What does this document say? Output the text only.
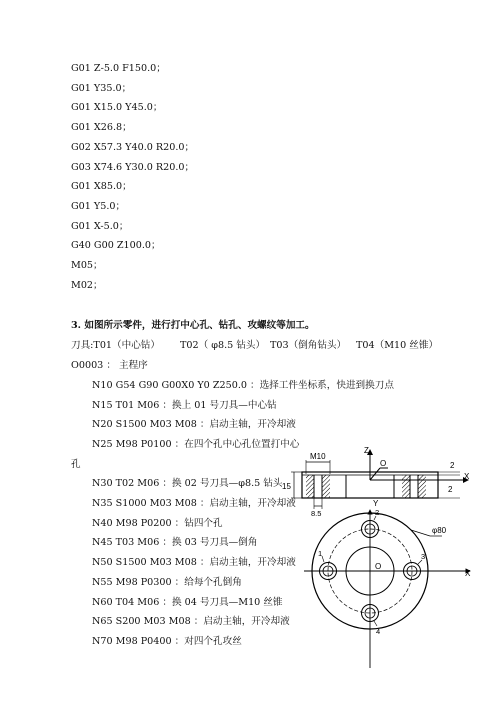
G01 Z-5.0 F150.0；
G01 Y35.0；
G01 X15.0 Y45.0；
G01 X26.8；
G02 X57.3 Y40.0 R20.0；
G03 X74.6 Y30.0 R20.0；
G01 X85.0；
G01 Y5.0；
G01 X-5.0；
G40 G00 Z100.0；
M05；
M02；
3. 如图所示零件，进行打中心孔、钻孔、攻螺纹等加工。
刀具:T01（中心钻） T02（ φ8.5 钻头） T03（倒角钻头） T04（M10 丝锥）
O0003 ： 主程序
N10 G54 G90 G00X0 Y0 Z250.0 ：选择工件坐标系，快进到换刀点
N15 T01 M06 ：换上 01 号刀具—中心钻
N20 S1500 M03 M08 ：启动主轴，开冷却液
N25 M98 P0100 ：在四个孔中心孔位置打中心
孔
N30 T02 M06 ：换 02 号刀具—φ8.5 钻头
N35 S1000 M03 M08 ：启动主轴，开冷却液
N40 M98 P0200 ：钻四个孔
N45 T03 M06 ：换 03 号刀具—倒角
N50 S1500 M03 M08 ：启动主轴，开冷却液
N55 M98 P0300 ：给每个孔倒角
N60 T04 M06 ：换 04 号刀具—M10 丝锥
N65 S200 M03 M08 ：启动主轴，开冷却液
N70 M98 P0400 ：对四个孔攻丝
M10
Z
O	2
15
X
2
8.5
Y
φ80
O
X
1
2
3
4
